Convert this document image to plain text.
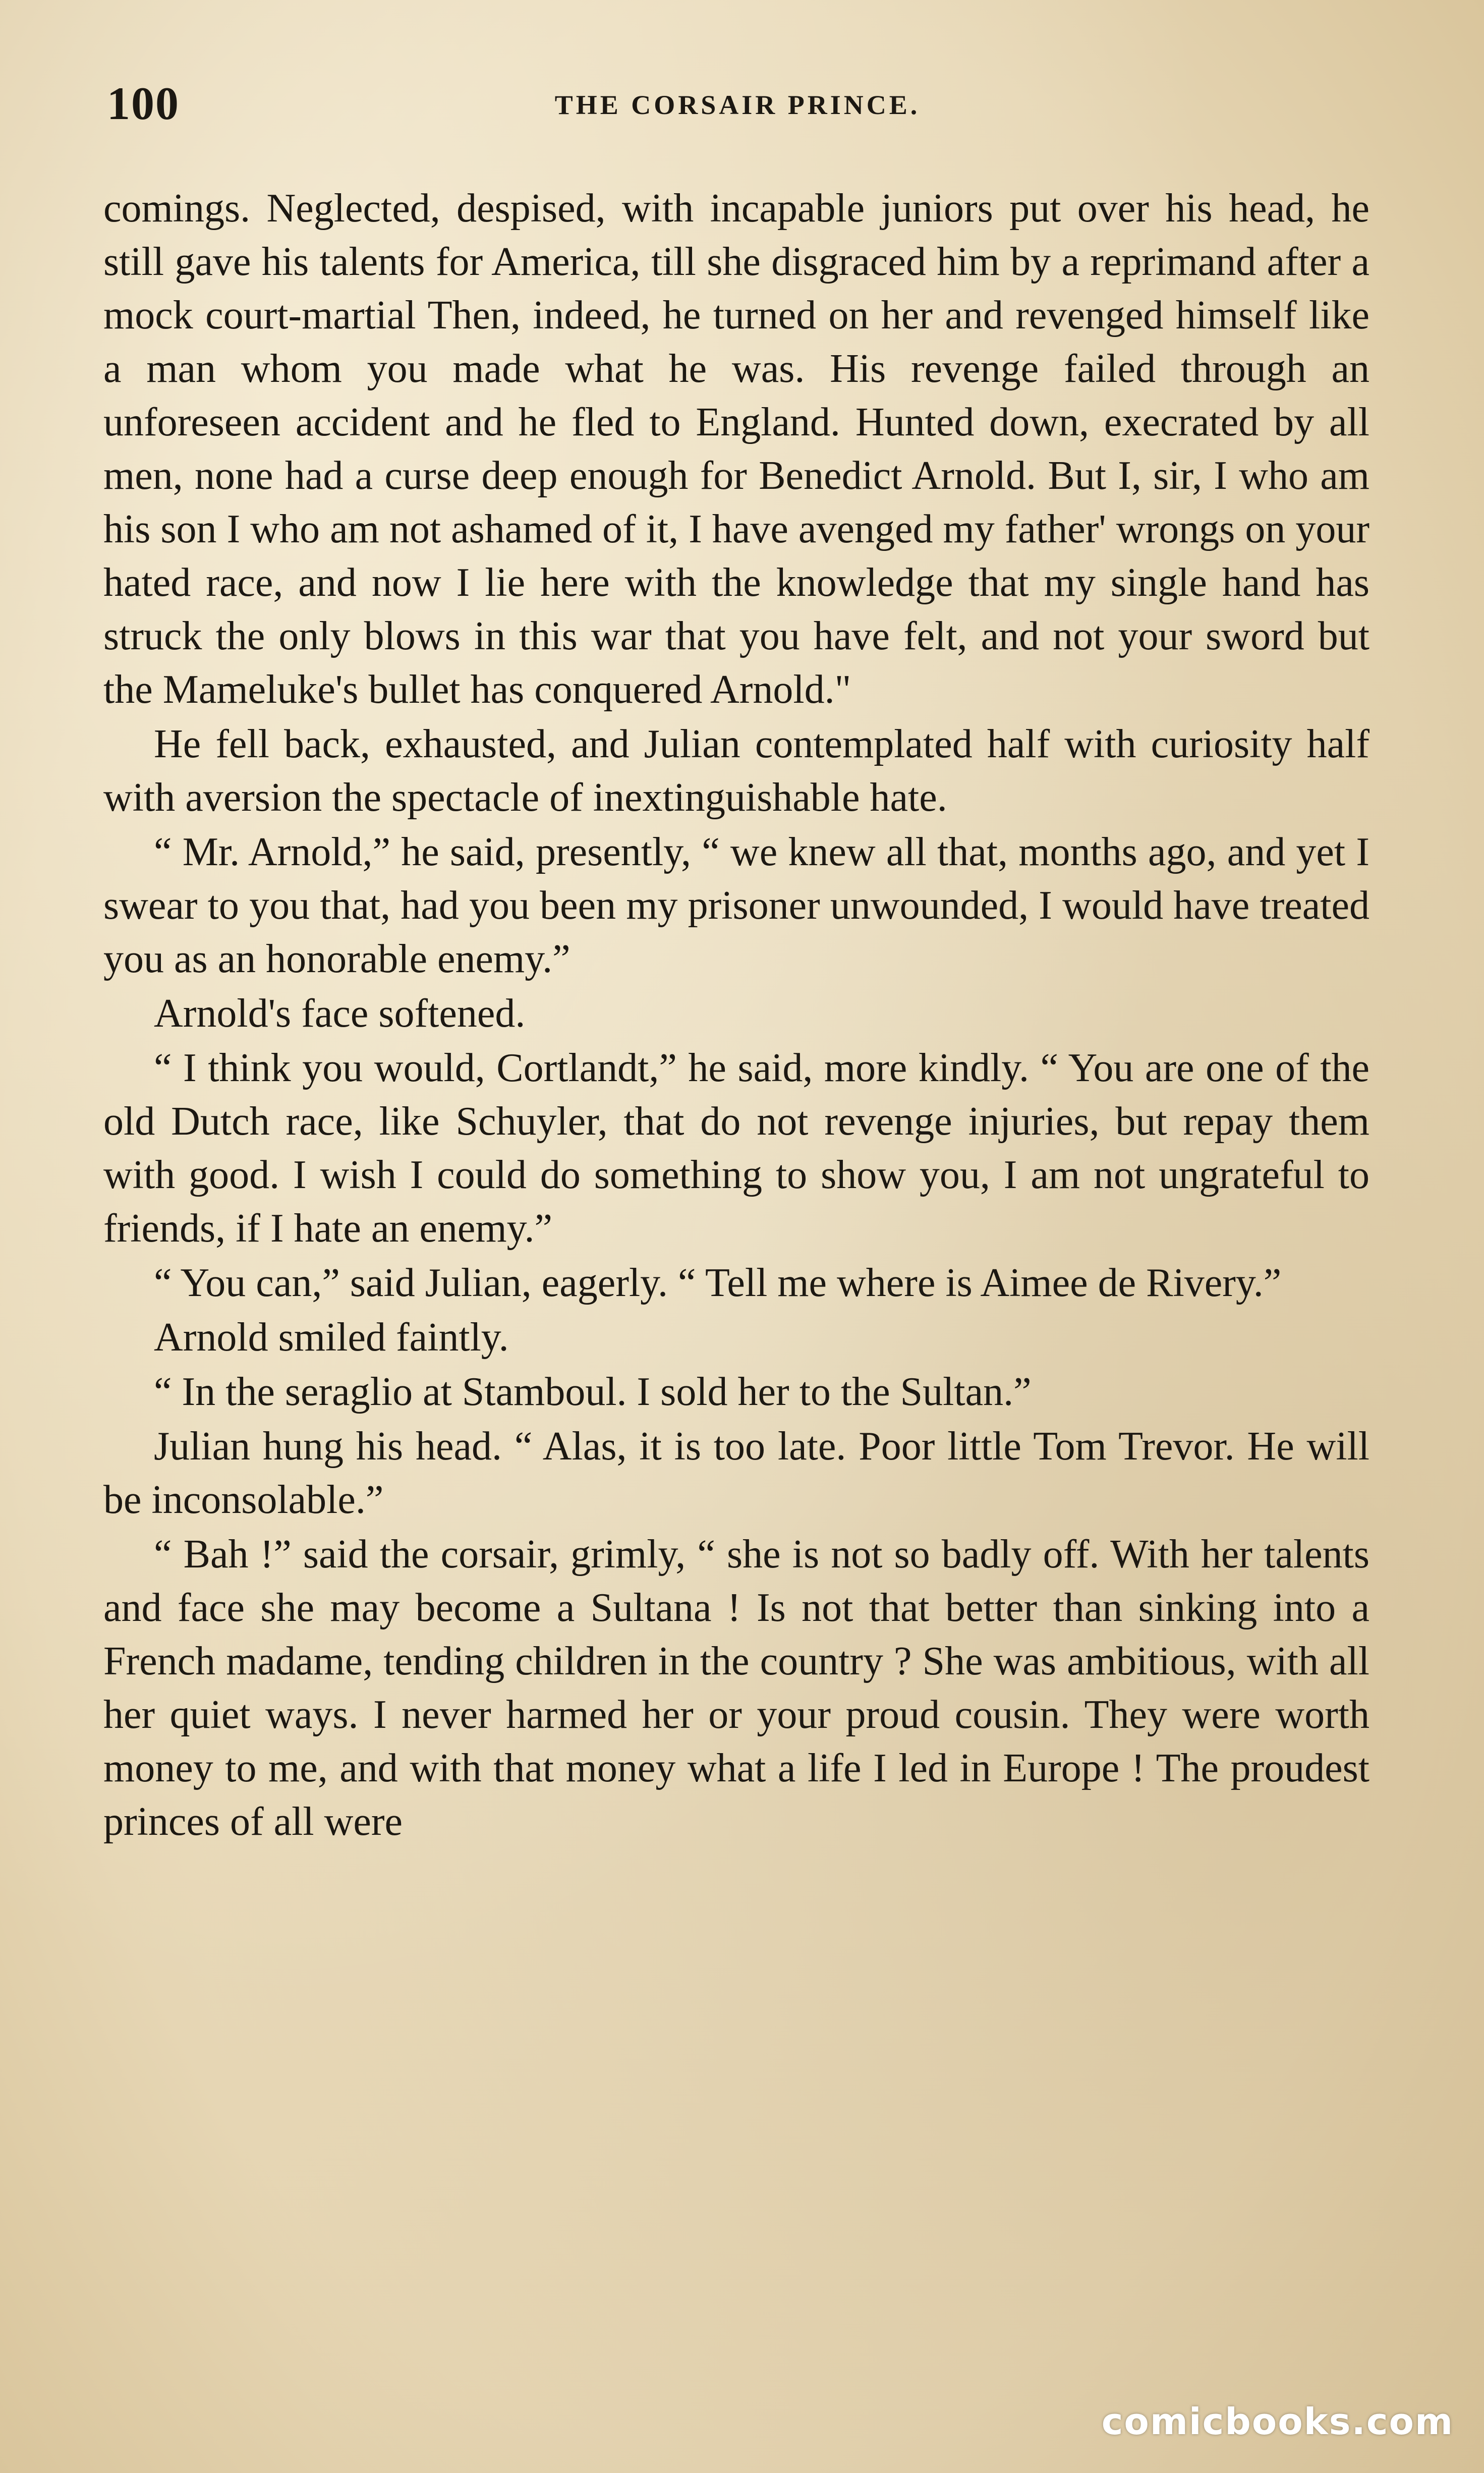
100	THE CORSAIR PRINCE.

comings. Neglected, despised, with incapable juniors put over his head, he still gave his talents for America, till she disgraced him by a reprimand after a mock court-martial Then, indeed, he turned on her and revenged himself like a man whom you made what he was. His revenge failed through an unforeseen accident and he fled to England. Hunted down, execrated by all men, none had a curse deep enough for Benedict Arnold. But I, sir, I who am his son I who am not ashamed of it, I have avenged my father' wrongs on your hated race, and now I lie here with the knowledge that my single hand has struck the only blows in this war that you have felt, and not your sword but the Mameluke's bullet has conquered Arnold."

He fell back, exhausted, and Julian contemplated half with curiosity half with aversion the spectacle of inextinguishable hate.

“ Mr. Arnold,” he said, presently, “ we knew all that, months ago, and yet I swear to you that, had you been my prisoner unwounded, I would have treated you as an honorable enemy.”

Arnold's face softened.

“ I think you would, Cortlandt,” he said, more kindly. “ You are one of the old Dutch race, like Schuyler, that do not revenge injuries, but repay them with good. I wish I could do something to show you, I am not ungrateful to friends, if I hate an enemy.”

“ You can,” said Julian, eagerly. “ Tell me where is Aimee de Rivery.”

Arnold smiled faintly.

“ In the seraglio at Stamboul. I sold her to the Sultan.”

Julian hung his head. “ Alas, it is too late. Poor little Tom Trevor. He will be inconsolable.”

“ Bah !” said the corsair, grimly, “ she is not so badly off. With her talents and face she may become a Sultana ! Is not that better than sinking into a French madame, tending children in the country ? She was ambitious, with all her quiet ways. I never harmed her or your proud cousin. They were worth money to me, and with that money what a life I led in Europe ! The proudest princes of all were

comicbooks.com
